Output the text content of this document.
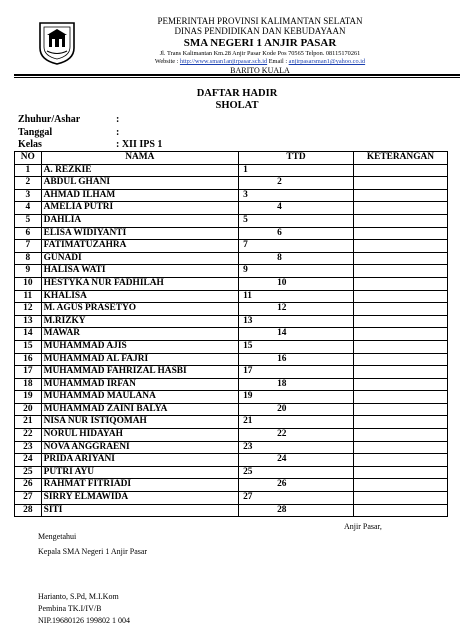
PEMERINTAH PROVINSI KALIMANTAN SELATAN
DINAS PENDIDIKAN DAN KEBUDAYAAN
SMA NEGERI 1 ANJIR PASAR
Jl. Trans Kalimantan Km.28 Anjir Pasar Kode Pos 70565 Telpon. 08115170261
Website : http://www.sman1anjirpasar.sch.id Email : anjirpasarsman1@yahoo.co.id
BARITO KUALA
DAFTAR HADIR
SHOLAT
Zhuhur/Ashar	:
Tanggal	:
Kelas	: XII IPS 1
NO	NAMA	TTD	KETERANGAN
1	A. REZKIE	1	
2	ABDUL GHANI	2	
3	AHMAD ILHAM	3	
4	AMELIA PUTRI	4	
5	DAHLIA	5	
6	ELISA WIDIYANTI	6	
7	FATIMATUZAHRA	7	
8	GUNADI	8	
9	HALISA WATI	9	
10	HESTYKA NUR FADHILAH	10	
11	KHALISA	11	
12	M. AGUS PRASETYO	12	
13	M.RIZKY	13	
14	MAWAR	14	
15	MUHAMMAD AJIS	15	
16	MUHAMMAD AL FAJRI	16	
17	MUHAMMAD FAHRIZAL HASBI	17	
18	MUHAMMAD IRFAN	18	
19	MUHAMMAD MAULANA	19	
20	MUHAMMAD ZAINI BALYA	20	
21	NISA NUR ISTIQOMAH	21	
22	NORUL HIDAYAH	22	
23	NOVA ANGGRAENI	23	
24	PRIDA ARIYANI	24	
25	PUTRI AYU	25	
26	RAHMAT FITRIADI	26	
27	SIRRY ELMAWIDA	27	
28	SITI	28	
Anjir Pasar,
Mengetahui
Kepala SMA Negeri 1 Anjir Pasar
Harianto, S.Pd, M.I.Kom
Pembina TK.I/IV/B
NIP.19680126 199802 1 004
